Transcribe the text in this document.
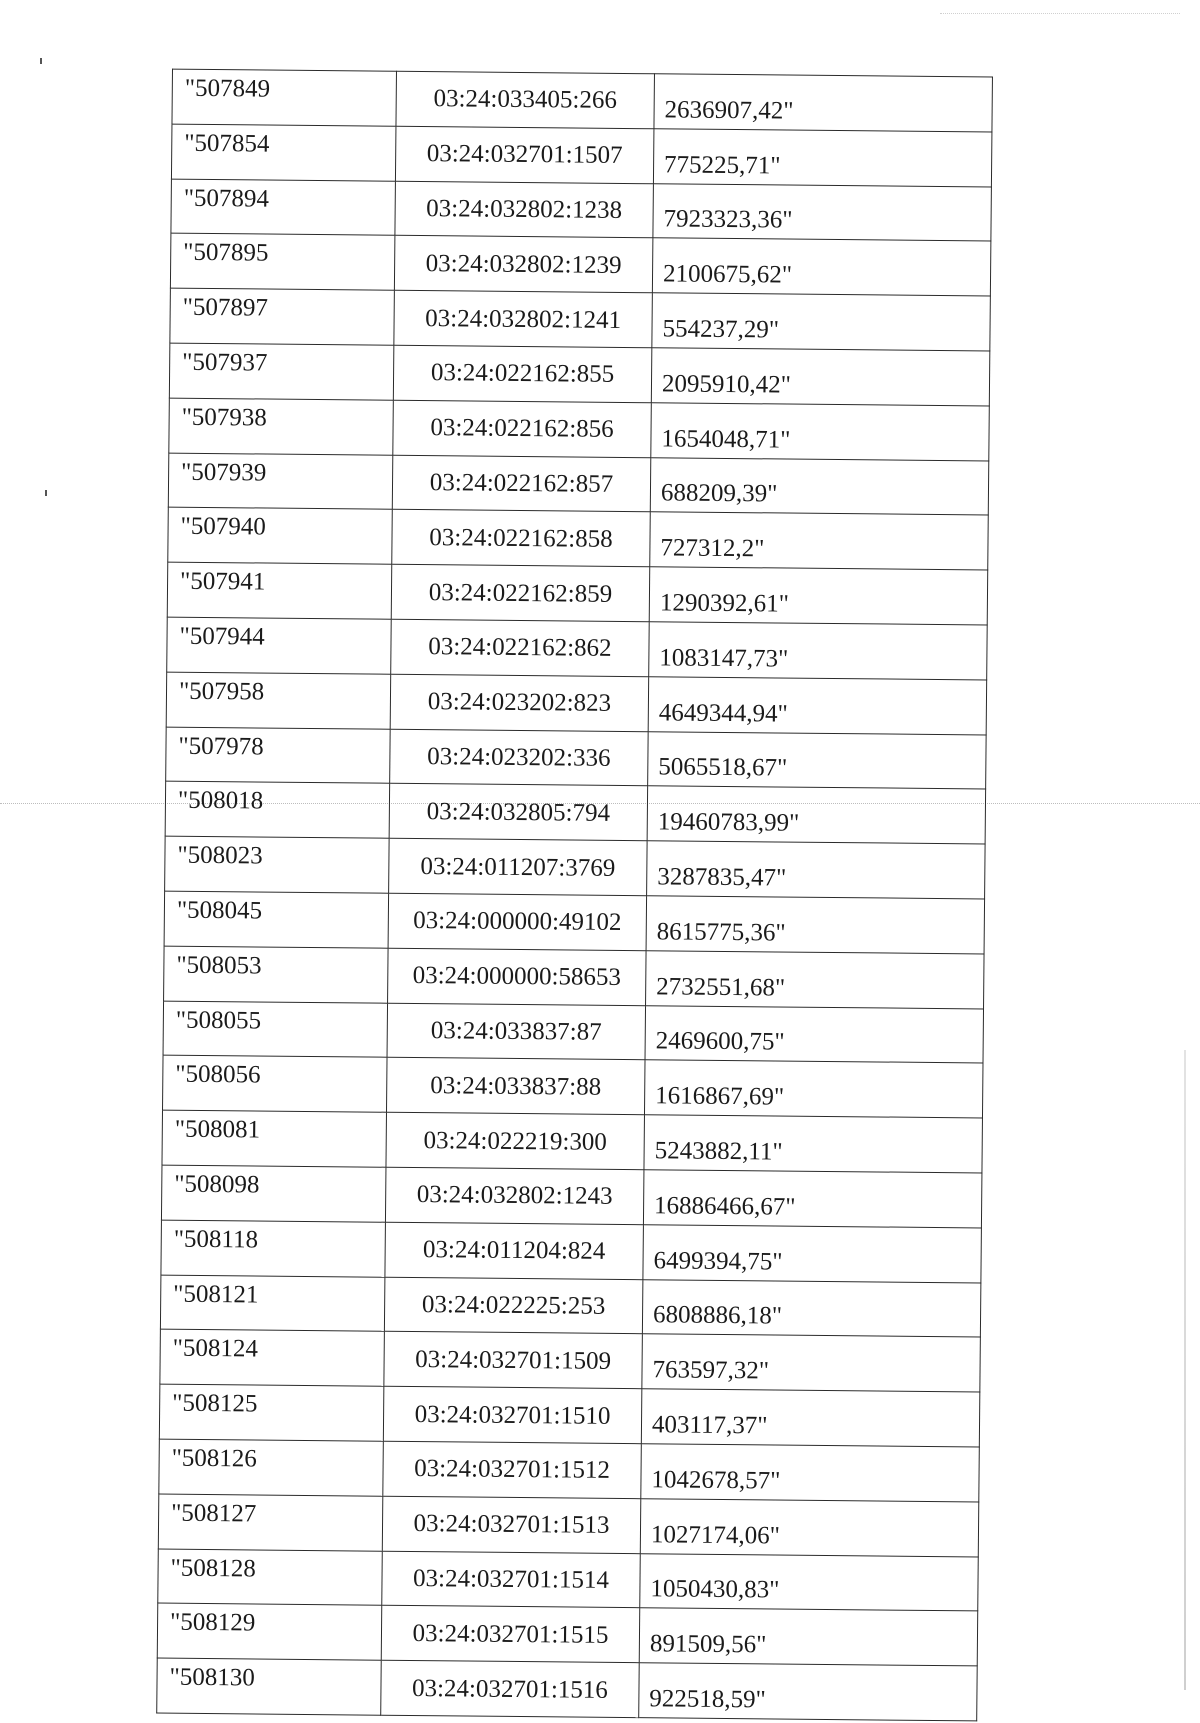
"507849	03:24:033405:266	2636907,42"
"507854	03:24:032701:1507	775225,71"
"507894	03:24:032802:1238	7923323,36"
"507895	03:24:032802:1239	2100675,62"
"507897	03:24:032802:1241	554237,29"
"507937	03:24:022162:855	2095910,42"
"507938	03:24:022162:856	1654048,71"
"507939	03:24:022162:857	688209,39"
"507940	03:24:022162:858	727312,2"
"507941	03:24:022162:859	1290392,61"
"507944	03:24:022162:862	1083147,73"
"507958	03:24:023202:823	4649344,94"
"507978	03:24:023202:336	5065518,67"
"508018	03:24:032805:794	19460783,99"
"508023	03:24:011207:3769	3287835,47"
"508045	03:24:000000:49102	8615775,36"
"508053	03:24:000000:58653	2732551,68"
"508055	03:24:033837:87	2469600,75"
"508056	03:24:033837:88	1616867,69"
"508081	03:24:022219:300	5243882,11"
"508098	03:24:032802:1243	16886466,67"
"508118	03:24:011204:824	6499394,75"
"508121	03:24:022225:253	6808886,18"
"508124	03:24:032701:1509	763597,32"
"508125	03:24:032701:1510	403117,37"
"508126	03:24:032701:1512	1042678,57"
"508127	03:24:032701:1513	1027174,06"
"508128	03:24:032701:1514	1050430,83"
"508129	03:24:032701:1515	891509,56"
"508130	03:24:032701:1516	922518,59"
